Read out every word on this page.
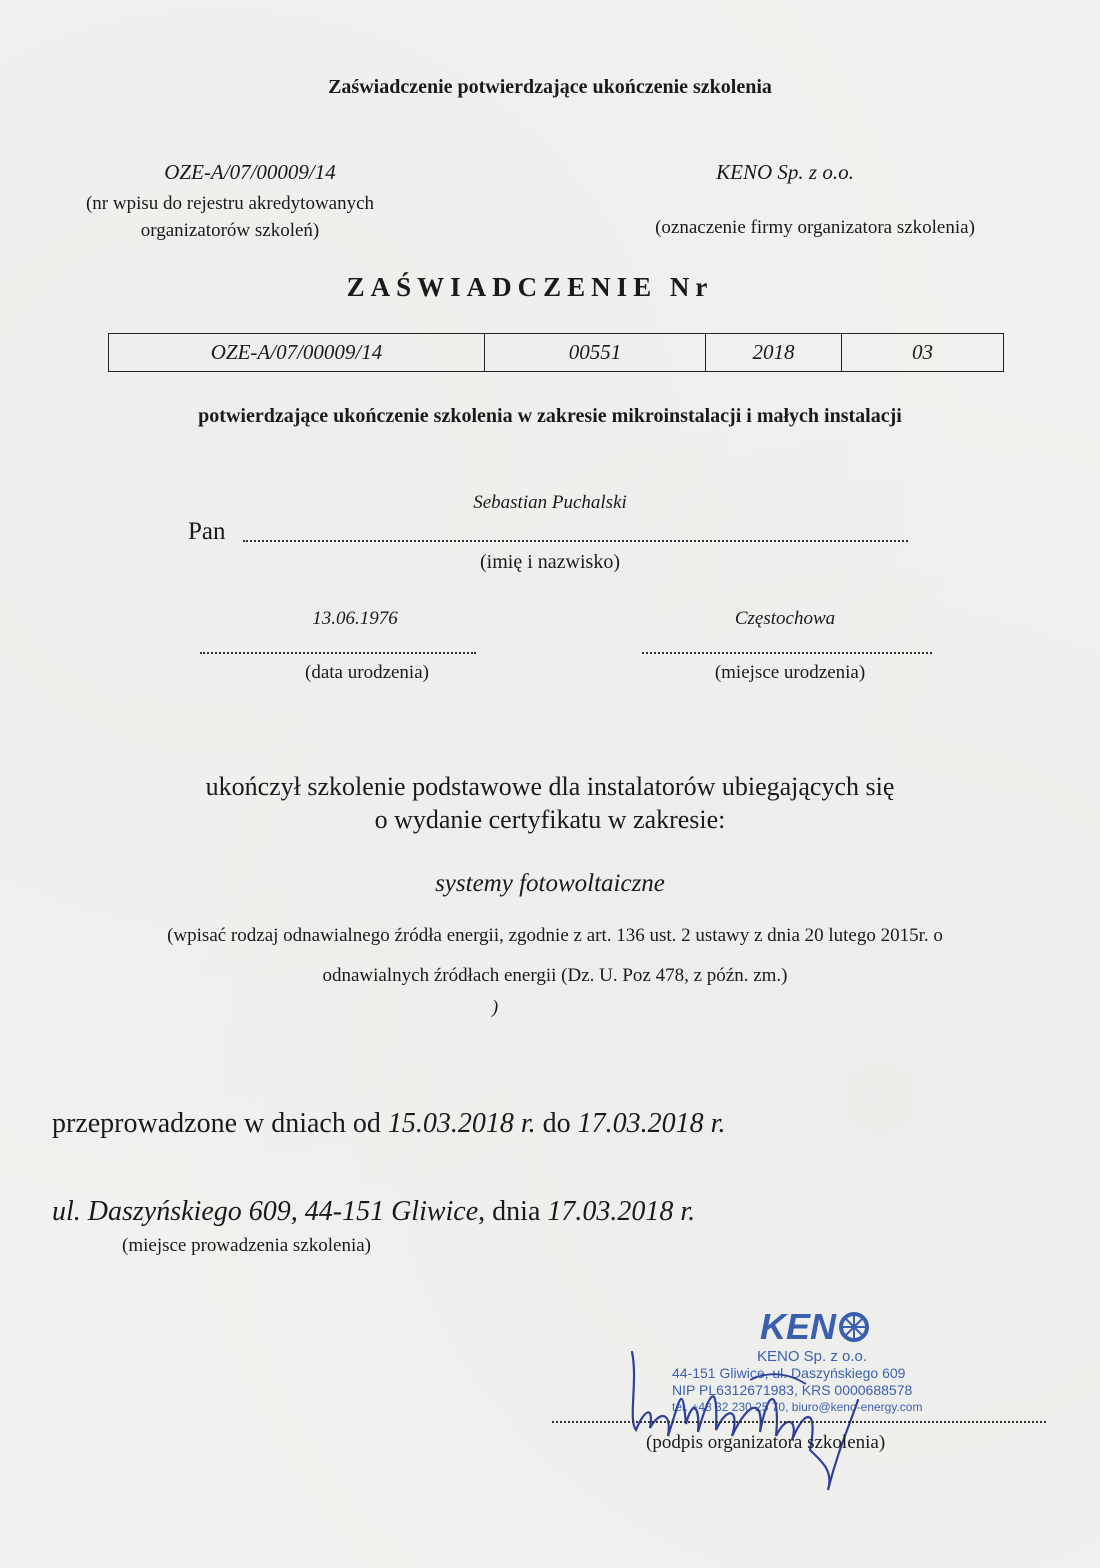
Zaświadczenie potwierdzające ukończenie szkolenia
OZE-A/07/00009/14
(nr wpisu do rejestru akredytowanych
organizatorów szkoleń)
KENO Sp. z o.o.
(oznaczenie firmy organizatora szkolenia)
ZAŚWIADCZENIE Nr
OZE-A/07/00009/14	00551	2018	03
potwierdzające ukończenie szkolenia w zakresie mikroinstalacji i małych instalacji
Sebastian Puchalski
Pan
(imię i nazwisko)
13.06.1976
(data urodzenia)
Częstochowa
(miejsce urodzenia)
ukończył szkolenie podstawowe dla instalatorów ubiegających się
o wydanie certyfikatu w zakresie:
systemy fotowoltaiczne
(wpisać rodzaj odnawialnego źródła energii, zgodnie z art. 136 ust. 2 ustawy z dnia 20 lutego 2015r. o
odnawialnych źródłach energii (Dz. U. Poz 478, z późn. zm.)
)
przeprowadzone w dniach od 15.03.2018 r. do 17.03.2018 r.
ul. Daszyńskiego 609, 44-151 Gliwice, dnia 17.03.2018 r.
(miejsce prowadzenia szkolenia)
KEN
KENO Sp. z o.o.
44-151 Gliwice, ul. Daszyńskiego 609
NIP PL6312671983, KRS 0000688578
tel. +48 32 230 25 70, biuro@keno-energy.com
(podpis organizatora szkolenia)
